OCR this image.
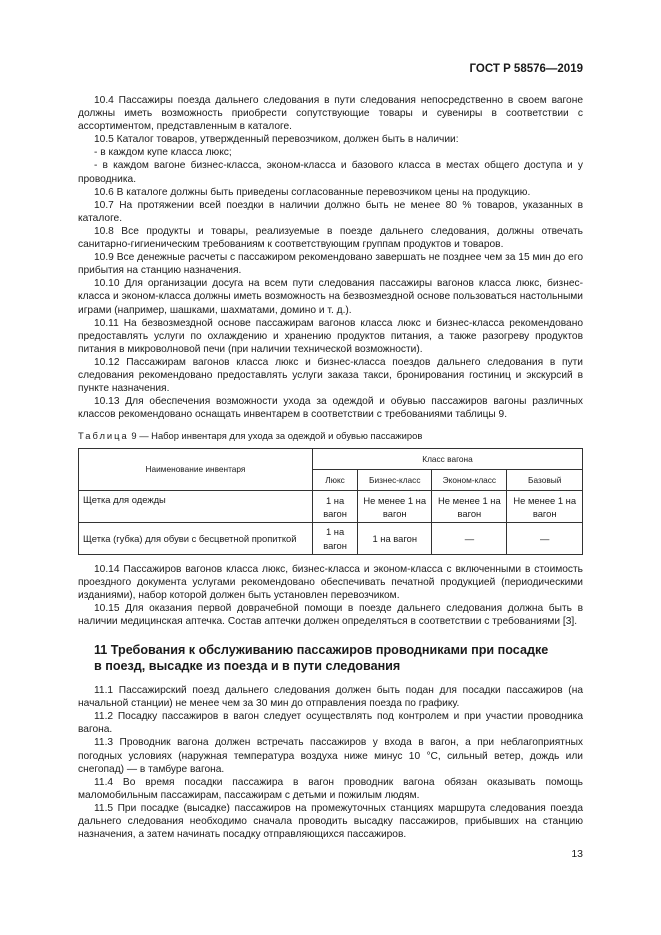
ГОСТ Р 58576—2019

10.4 Пассажиры поезда дальнего следования в пути следования непосредственно в своем вагоне должны иметь возможность приобрести сопутствующие товары и сувениры в соответствии с ассортиментом, представленным в каталоге.

10.5 Каталог товаров, утвержденный перевозчиком, должен быть в наличии:

- в каждом купе класса люкс;

- в каждом вагоне бизнес-класса, эконом-класса и базового класса в местах общего доступа и у проводника.

10.6 В каталоге должны быть приведены согласованные перевозчиком цены на продукцию.

10.7 На протяжении всей поездки в наличии должно быть не менее 80 % товаров, указанных в каталоге.

10.8 Все продукты и товары, реализуемые в поезде дальнего следования, должны отвечать санитарно-гигиеническим требованиям к соответствующим группам продуктов и товаров.

10.9 Все денежные расчеты с пассажиром рекомендовано завершать не позднее чем за 15 мин до его прибытия на станцию назначения.

10.10 Для организации досуга на всем пути следования пассажиры вагонов класса люкс, бизнес-класса и эконом-класса должны иметь возможность на безвозмездной основе пользоваться настольными играми (например, шашками, шахматами, домино и т. д.).

10.11 На безвозмездной основе пассажирам вагонов класса люкс и бизнес-класса рекомендовано предоставлять услуги по охлаждению и хранению продуктов питания, а также разогреву продуктов питания в микроволновой печи (при наличии технической возможности).

10.12 Пассажирам вагонов класса люкс и бизнес-класса поездов дальнего следования в пути следования рекомендовано предоставлять услуги заказа такси, бронирования гостиниц и экскурсий в пункте назначения.

10.13 Для обеспечения возможности ухода за одеждой и обувью пассажиров вагоны различных классов рекомендовано оснащать инвентарем в соответствии с требованиями таблицы 9.

Таблица 9 — Набор инвентаря для ухода за одеждой и обувью пассажиров
Наименование инвентаря	Класс вагона			
	Люкс	Бизнес-класс	Эконом-класс	Базовый
Щетка для одежды	1 на вагон	Не менее 1 на вагон	Не менее 1 на вагон	Не менее 1 на вагон
Щетка (губка) для обуви с бесцветной пропиткой	1 на вагон	1 на вагон	—	—

10.14 Пассажиров вагонов класса люкс, бизнес-класса и эконом-класса с включенными в стоимость проездного документа услугами рекомендовано обеспечивать печатной продукцией (периодическими изданиями), набор которой должен быть установлен перевозчиком.

10.15 Для оказания первой доврачебной помощи в поезде дальнего следования должна быть в наличии медицинская аптечка. Состав аптечки должен определяться в соответствии с требованиями [3].

11 Требования к обслуживанию пассажиров проводниками при посадке
в поезд, высадке из поезда и в пути следования

11.1 Пассажирский поезд дальнего следования должен быть подан для посадки пассажиров (на начальной станции) не менее чем за 30 мин до отправления поезда по графику.

11.2 Посадку пассажиров в вагон следует осуществлять под контролем и при участии проводника вагона.

11.3 Проводник вагона должен встречать пассажиров у входа в вагон, а при неблагоприятных погодных условиях (наружная температура воздуха ниже минус 10 °С, сильный ветер, дождь или снегопад) — в тамбуре вагона.

11.4 Во время посадки пассажира в вагон проводник вагона обязан оказывать помощь маломобильным пассажирам, пассажирам с детьми и пожилым людям.

11.5 При посадке (высадке) пассажиров на промежуточных станциях маршрута следования поезда дальнего следования необходимо сначала проводить высадку пассажиров, прибывших на станцию назначения, а затем начинать посадку отправляющихся пассажиров.

13
